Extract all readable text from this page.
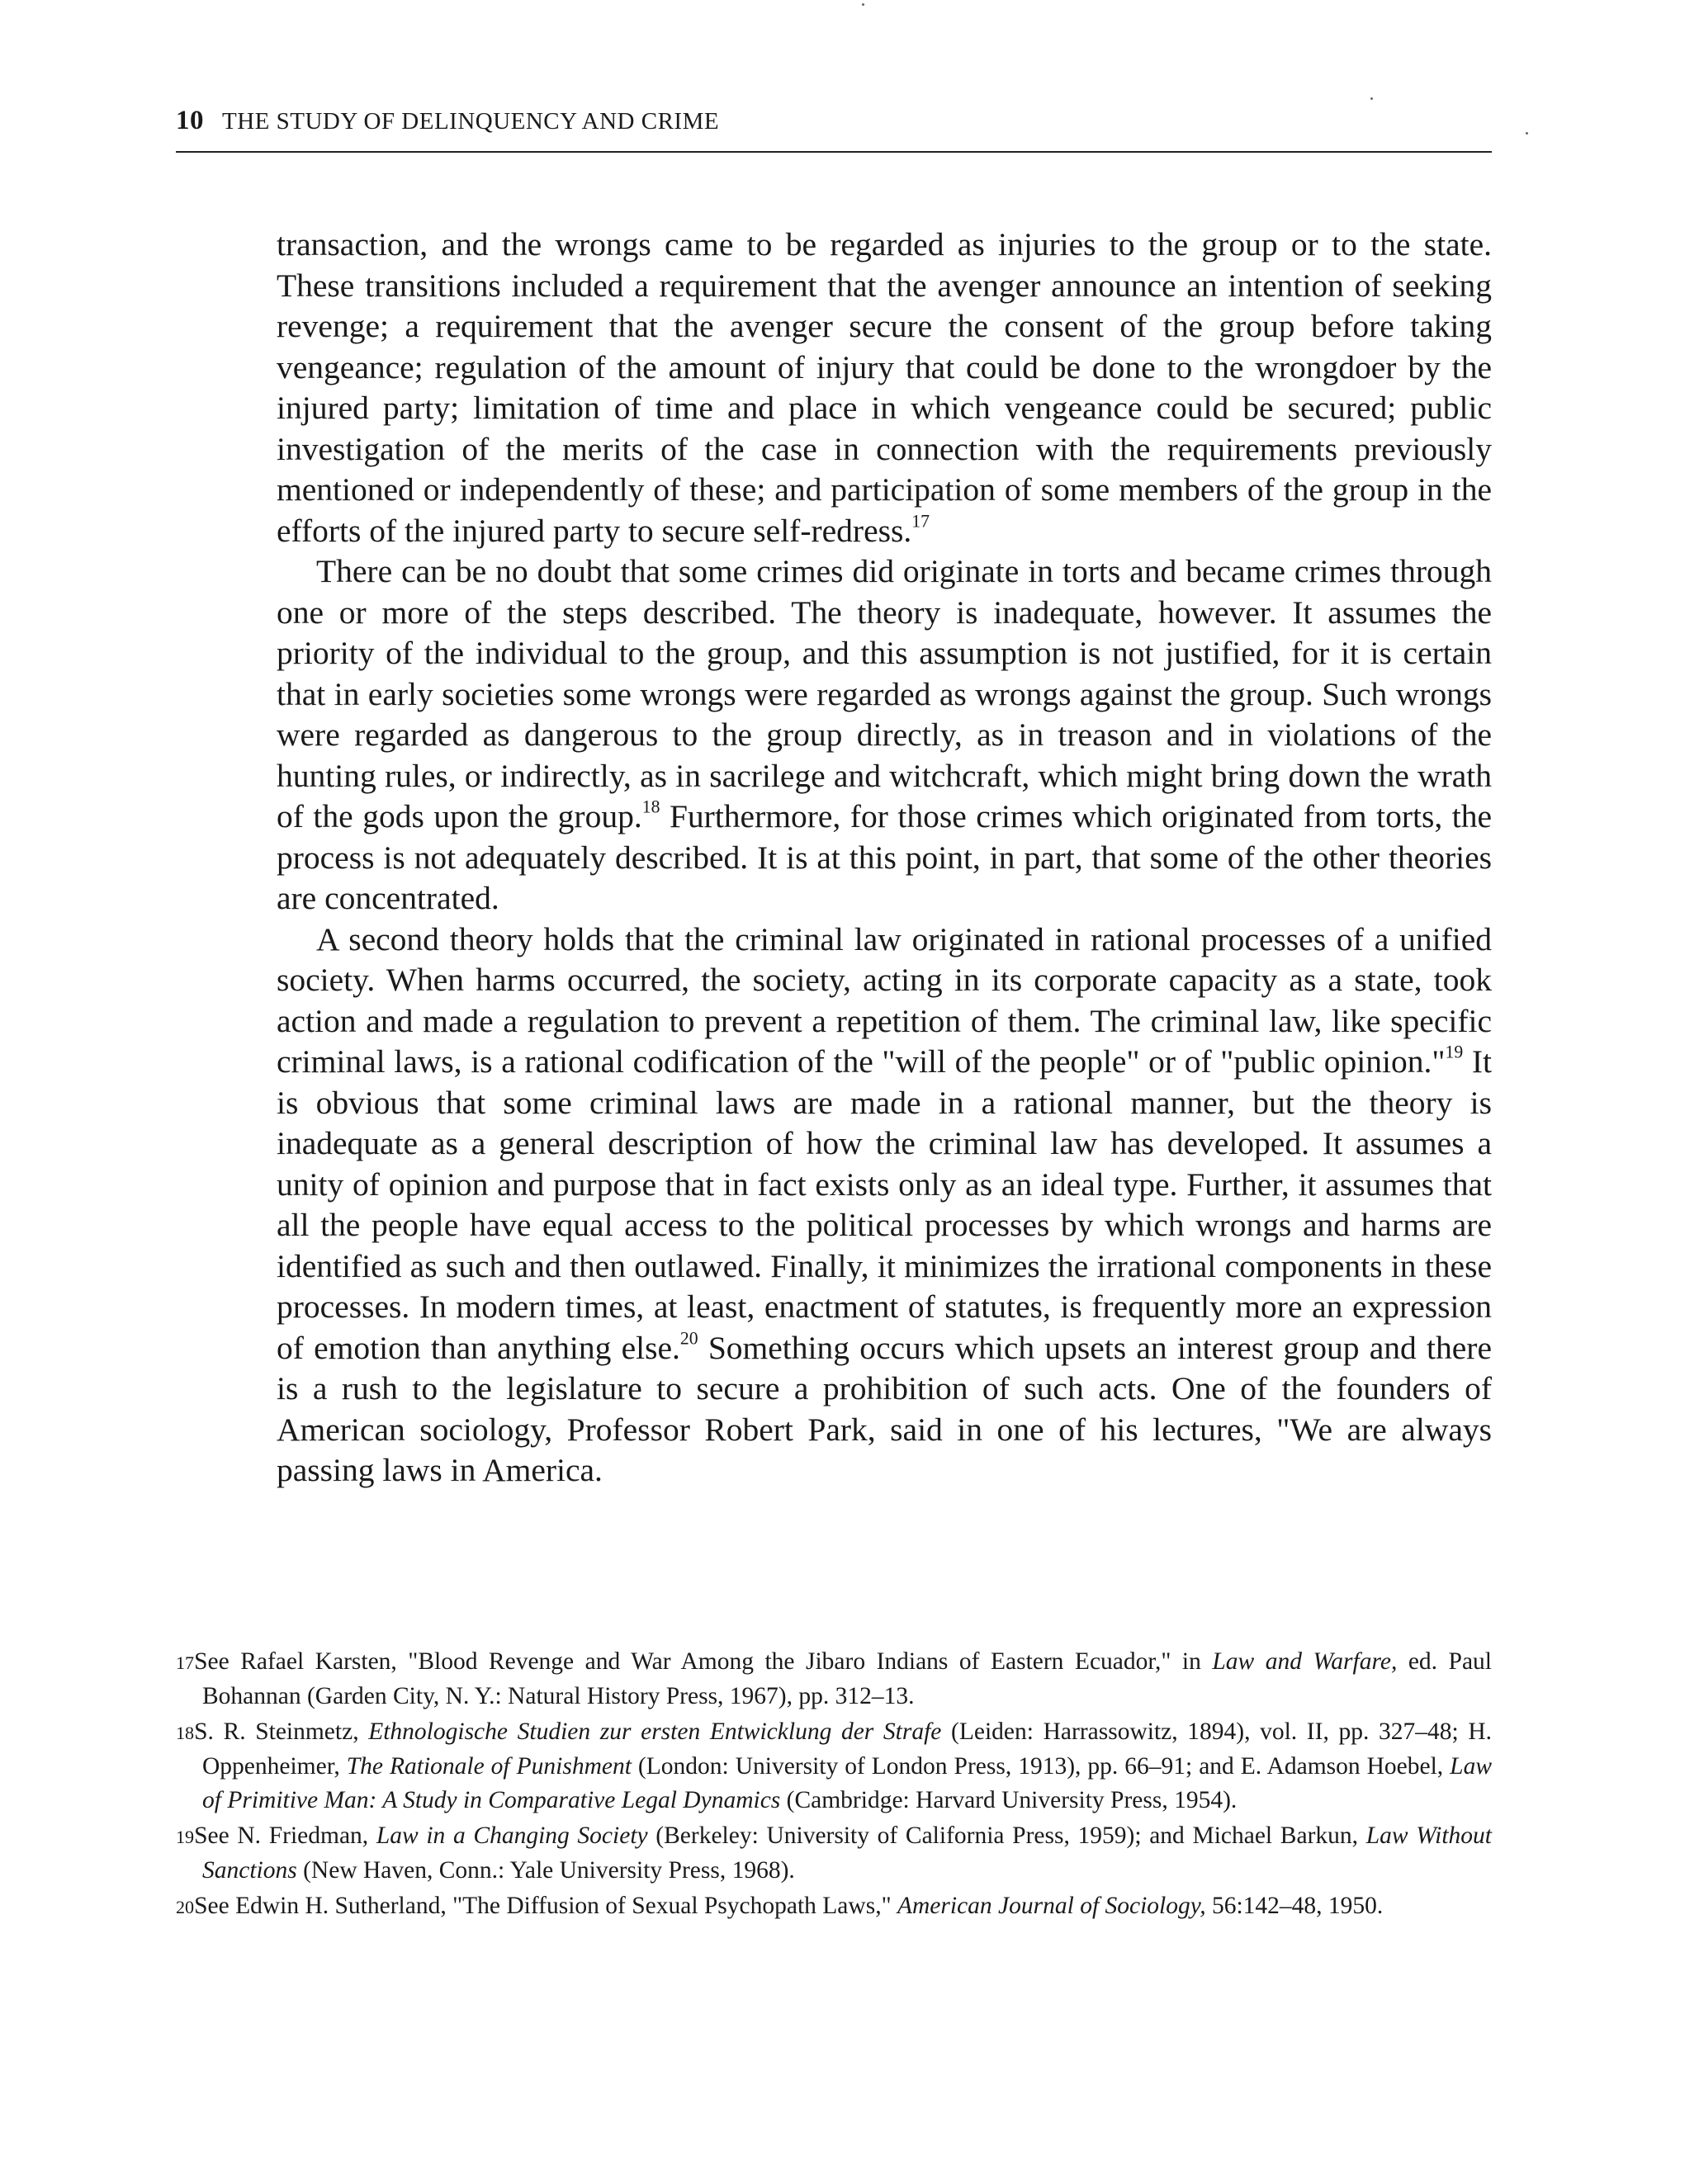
10 THE STUDY OF DELINQUENCY AND CRIME

transaction, and the wrongs came to be regarded as injuries to the group or to the state. These transitions included a requirement that the avenger announce an intention of seeking revenge; a requirement that the avenger secure the consent of the group before taking vengeance; regulation of the amount of injury that could be done to the wrongdoer by the injured party; limitation of time and place in which vengeance could be secured; public investigation of the merits of the case in connection with the requirements previously mentioned or independently of these; and participation of some members of the group in the efforts of the injured party to secure self-redress.$^{17}$

There can be no doubt that some crimes did originate in torts and became crimes through one or more of the steps described. The theory is inadequate, however. It assumes the priority of the individual to the group, and this assumption is not justified, for it is certain that in early societies some wrongs were regarded as wrongs against the group. Such wrongs were regarded as dangerous to the group directly, as in treason and in violations of the hunting rules, or indirectly, as in sacrilege and witchcraft, which might bring down the wrath of the gods upon the group.$^{18}$ Furthermore, for those crimes which originated from torts, the process is not adequately described. It is at this point, in part, that some of the other theories are concentrated.

A second theory holds that the criminal law originated in rational processes of a unified society. When harms occurred, the society, acting in its corporate capacity as a state, took action and made a regulation to prevent a repetition of them. The criminal law, like specific criminal laws, is a rational codification of the "will of the people" or of "public opinion."$^{19}$ It is obvious that some criminal laws are made in a rational manner, but the theory is inadequate as a general description of how the criminal law has developed. It assumes a unity of opinion and purpose that in fact exists only as an ideal type. Further, it assumes that all the people have equal access to the political processes by which wrongs and harms are identified as such and then outlawed. Finally, it minimizes the irrational components in these processes. In modern times, at least, enactment of statutes, is frequently more an expression of emotion than anything else.$^{20}$ Something occurs which upsets an interest group and there is a rush to the legislature to secure a prohibition of such acts. One of the founders of American sociology, Professor Robert Park, said in one of his lectures, "We are always passing laws in America.

17See Rafael Karsten, "Blood Revenge and War Among the Jibaro Indians of Eastern Ecuador," in Law and Warfare, ed. Paul Bohannan (Garden City, N. Y.: Natural History Press, 1967), pp. 312–13.

18S. R. Steinmetz, Ethnologische Studien zur ersten Entwicklung der Strafe (Leiden: Harrassowitz, 1894), vol. II, pp. 327–48; H. Oppenheimer, The Rationale of Punishment (London: University of London Press, 1913), pp. 66–91; and E. Adamson Hoebel, Law of Primitive Man: A Study in Comparative Legal Dynamics (Cambridge: Harvard University Press, 1954).

19See N. Friedman, Law in a Changing Society (Berkeley: University of California Press, 1959); and Michael Barkun, Law Without Sanctions (New Haven, Conn.: Yale University Press, 1968).

20See Edwin H. Sutherland, "The Diffusion of Sexual Psychopath Laws," American Journal of Sociology, 56:142–48, 1950.
